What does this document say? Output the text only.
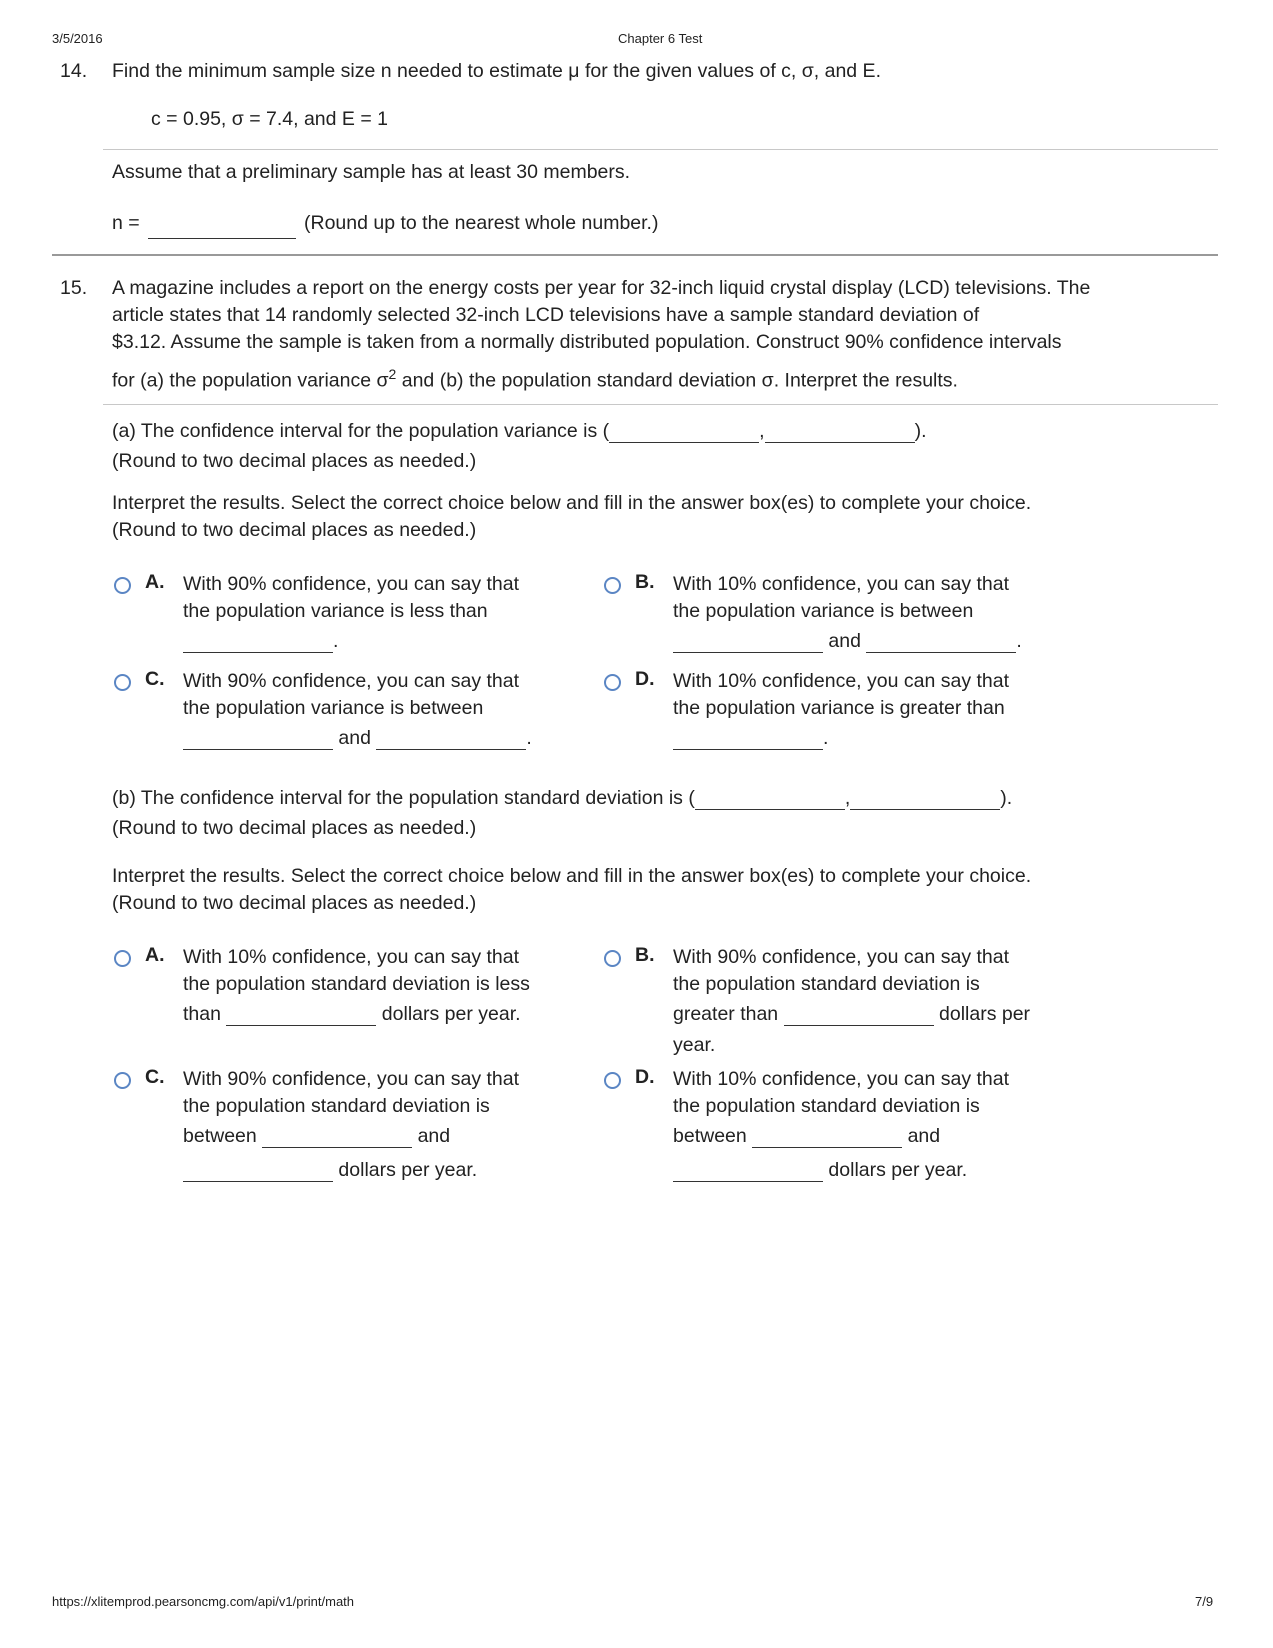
3/5/2016	Chapter 6 Test
14. Find the minimum sample size n needed to estimate μ for the given values of c, σ, and E.
c = 0.95, σ = 7.4, and E = 1
Assume that a preliminary sample has at least 30 members.
n =	(Round up to the nearest whole number.)
15. A magazine includes a report on the energy costs per year for 32-inch liquid crystal display (LCD) televisions. The
article states that 14 randomly selected 32-inch LCD televisions have a sample standard deviation of
$3.12. Assume the sample is taken from a normally distributed population. Construct 90% confidence intervals
for (a) the population variance $\sigma^2$ and (b) the population standard deviation σ. Interpret the results.
(a) The confidence interval for the population variance is (	,	).
(Round to two decimal places as needed.)
Interpret the results. Select the correct choice below and fill in the answer box(es) to complete your choice.
(Round to two decimal places as needed.)
A. With 90% confidence, you can say that
the population variance is less than
.
B. With 10% confidence, you can say that
the population variance is between
and	.
C. With 90% confidence, you can say that
the population variance is between
and	.
D. With 10% confidence, you can say that
the population variance is greater than
.
(b) The confidence interval for the population standard deviation is (	,	).
(Round to two decimal places as needed.)
Interpret the results. Select the correct choice below and fill in the answer box(es) to complete your choice.
(Round to two decimal places as needed.)
A. With 10% confidence, you can say that
the population standard deviation is less
than	dollars per year.
B. With 90% confidence, you can say that
the population standard deviation is
greater than	dollars per
year.
C. With 90% confidence, you can say that
the population standard deviation is
between	and
dollars per year.
D. With 10% confidence, you can say that
the population standard deviation is
between	and
dollars per year.
https://xlitemprod.pearsoncmg.com/api/v1/print/math	7/9
